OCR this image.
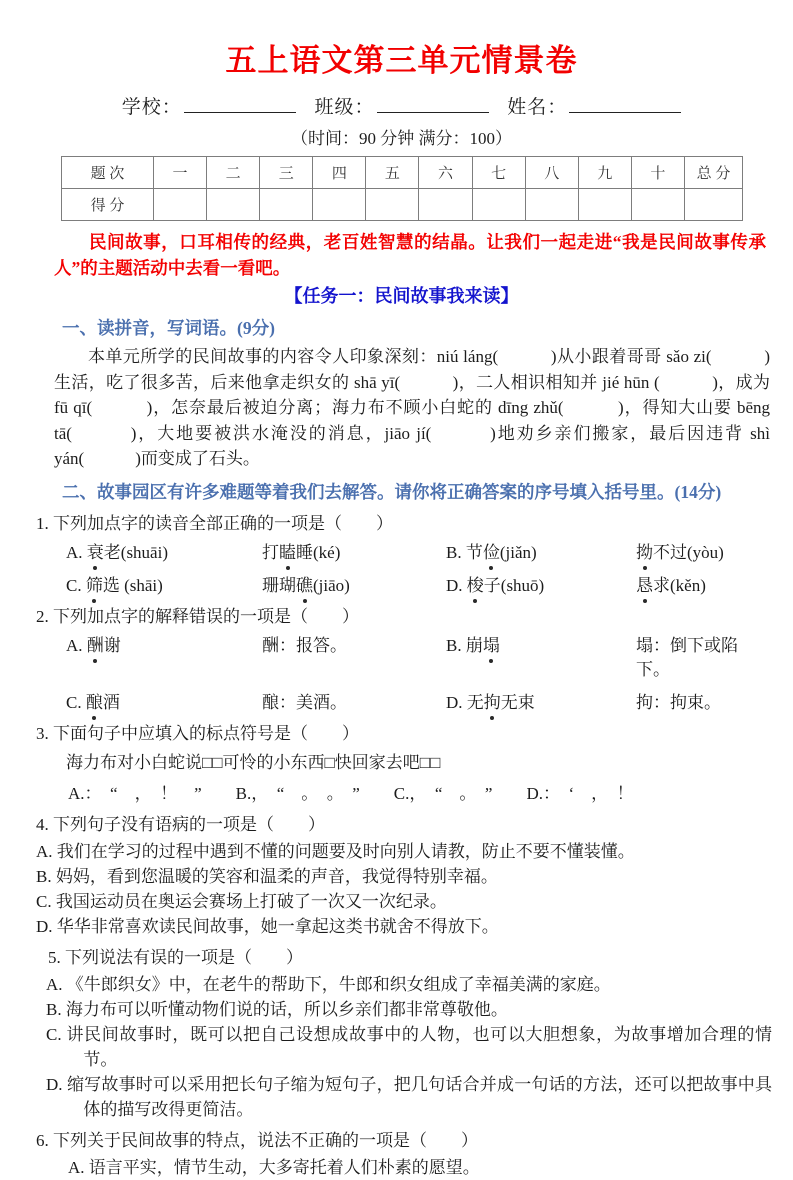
五上语文第三单元情景卷
学校：	班级：	姓名：
（时间：90 分钟 满分：100）
题 次	一	二	三	四	五	六	七	八	九	十	总 分
得 分											

民间故事，口耳相传的经典，老百姓智慧的结晶。让我们一起走进“我是民间故事传承人”的主题活动中去看一看吧。

【任务一：民间故事我来读】
一、读拼音，写词语。(9分)

本单元所学的民间故事的内容令人印象深刻：niú láng(　　　)从小跟着哥哥 sǎo zi(　　　)生活，吃了很多苦，后来他拿走织女的 shā yī(　　　)，二人相识相知并 jié hūn (　　　)，成为 fū qī(　　　)，怎奈最后被迫分离；海力布不顾小白蛇的 dīng zhǔ(　　　)，得知大山要 bēng tā(　　　)，大地要被洪水淹没的消息，jiāo jí(　　　)地劝乡亲们搬家，最后因违背 shì yán(　　　)而变成了石头。

二、故事园区有许多难题等着我们去解答。请你将正确答案的序号填入括号里。(14分)

1. 下列加点字的读音全部正确的一项是（　　）

A. 衰老(shuāi)	打瞌睡(ké)	B. 节俭(jiǎn)	拗不过(yòu)
C. 筛选 (shāi)	珊瑚礁(jiāo)	D. 梭子(shuō)	恳求(kěn)

2. 下列加点字的解释错误的一项是（　　）

A. 酬谢	酬：报答。	B. 崩塌	塌：倒下或陷下。
C. 酿酒	酿：美酒。	D. 无拘无束	拘：拘束。

3. 下面句子中应填入的标点符号是（　　）

海力布对小白蛇说□□可怜的小东西□快回家去吧□□

A.：　“　，　！　”　　B.，　“　。　。　”　　C.，　“　。　”　　D.：　‘　，　！

4. 下列句子没有语病的一项是（　　）

A. 我们在学习的过程中遇到不懂的问题要及时向别人请教，防止不要不懂装懂。

B. 妈妈，看到您温暖的笑容和温柔的声音，我觉得特别幸福。

C. 我国运动员在奥运会赛场上打破了一次又一次纪录。

D. 华华非常喜欢读民间故事，她一拿起这类书就舍不得放下。

5. 下列说法有误的一项是（　　）

A. 《牛郎织女》中，在老牛的帮助下，牛郎和织女组成了幸福美满的家庭。

B. 海力布可以听懂动物们说的话，所以乡亲们都非常尊敬他。

C. 讲民间故事时，既可以把自己设想成故事中的人物，也可以大胆想象，为故事增加合理的情节。

D. 缩写故事时可以采用把长句子缩为短句子，把几句话合并成一句话的方法，还可以把故事中具体的描写改得更简洁。

6. 下列关于民间故事的特点，说法不正确的一项是（　　）

A. 语言平实，情节生动，大多寄托着人们朴素的愿望。
